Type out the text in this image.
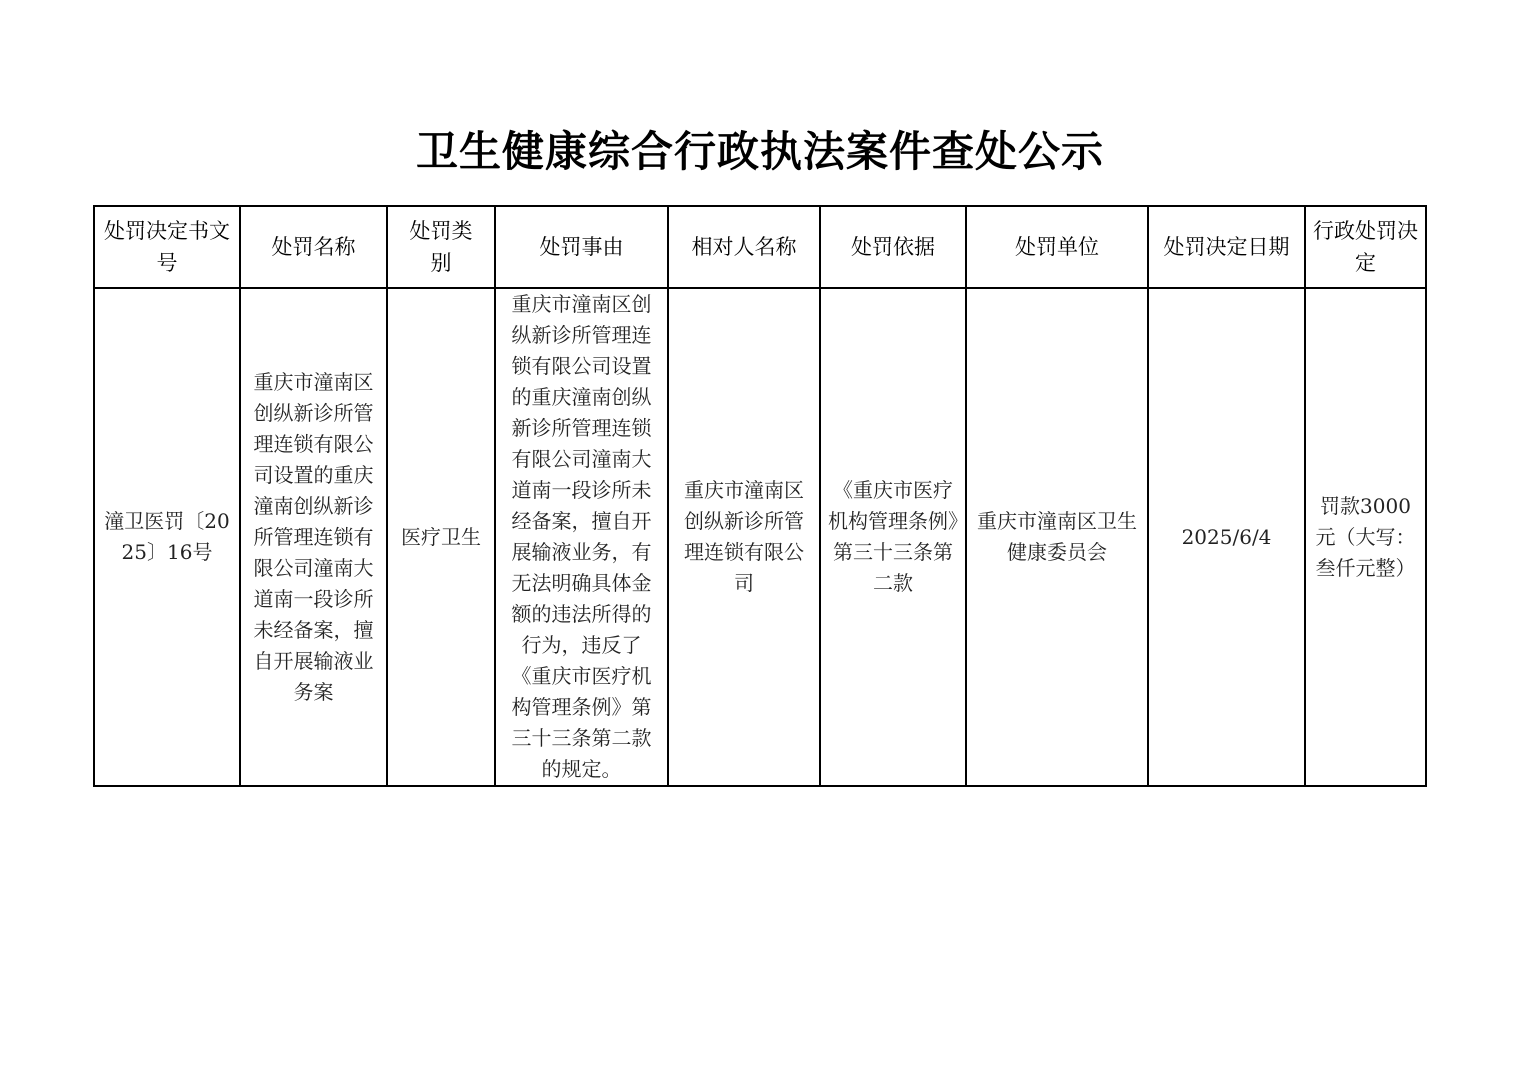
卫生健康综合行政执法案件查处公示
处罚决定书文号	处罚名称	处罚类别	处罚事由	相对人名称	处罚依据	处罚单位	处罚决定日期	行政处罚决定
潼卫医罚〔2025〕16号	重庆市潼南区创纵新诊所管理连锁有限公司设置的重庆潼南创纵新诊所管理连锁有限公司潼南大道南一段诊所未经备案，擅自开展输液业务案	医疗卫生	重庆市潼南区创纵新诊所管理连锁有限公司设置的重庆潼南创纵新诊所管理连锁有限公司潼南大道南一段诊所未经备案，擅自开展输液业务，有无法明确具体金额的违法所得的行为，违反了《重庆市医疗机构管理条例》第三十三条第二款的规定。	重庆市潼南区创纵新诊所管理连锁有限公司	《重庆市医疗机构管理条例》第三十三条第二款	重庆市潼南区卫生健康委员会	2025/6/4	罚款3000元（大写：叁仟元整）
